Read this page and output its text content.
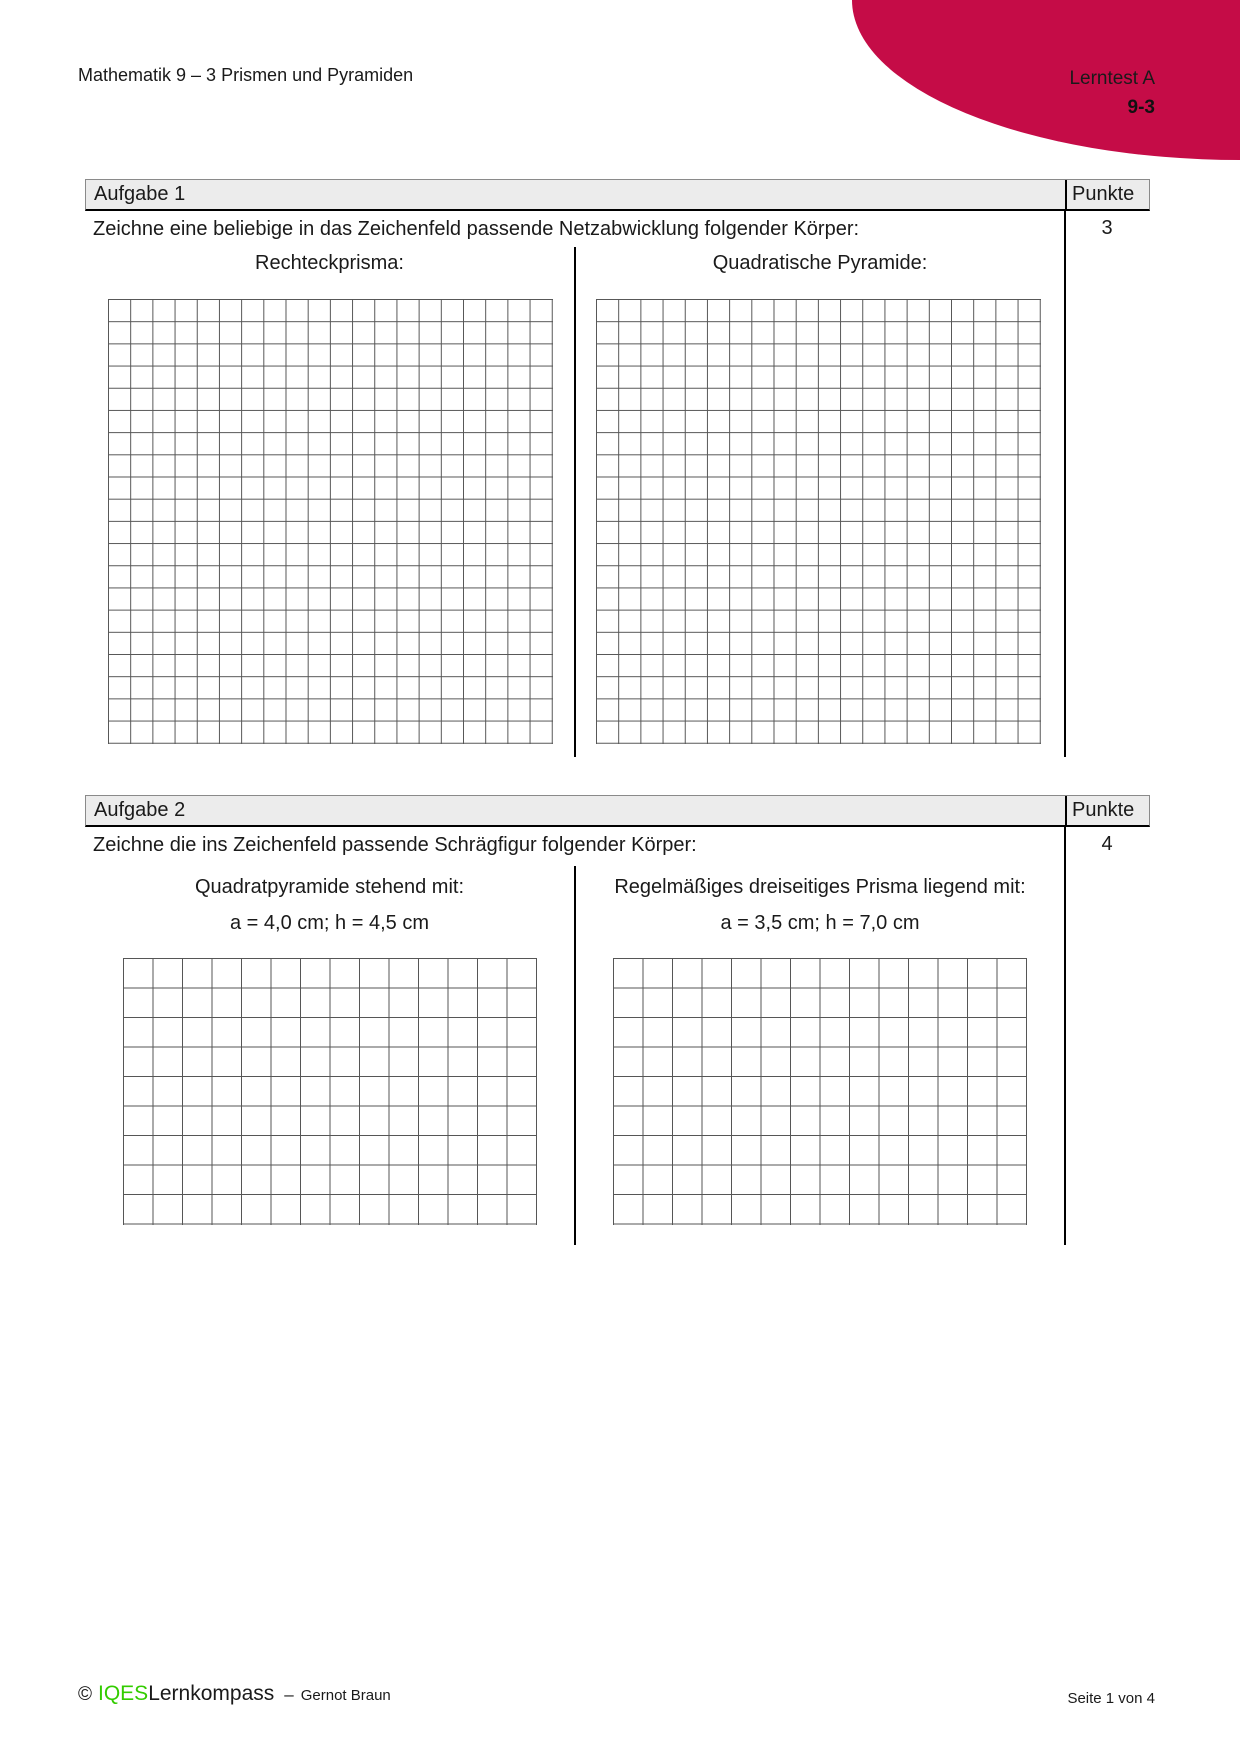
Lerntest A
9-3
Mathematik 9 – 3 Prismen und Pyramiden
Aufgabe 1	Punkte
Zeichne eine beliebige in das Zeichenfeld passende Netzabwicklung folgender Körper:	3
Rechteckprisma:	Quadratische Pyramide:
Aufgabe 2	Punkte
Zeichne die ins Zeichenfeld passende Schrägfigur folgender Körper:	4
Quadratpyramide stehend mit:	Regelmäßiges dreiseitiges Prisma liegend mit:
a = 4,0 cm; h = 4,5 cm	a = 3,5 cm; h = 7,0 cm
© IQESLernkompass – Gernot Braun	Seite 1 von 4
